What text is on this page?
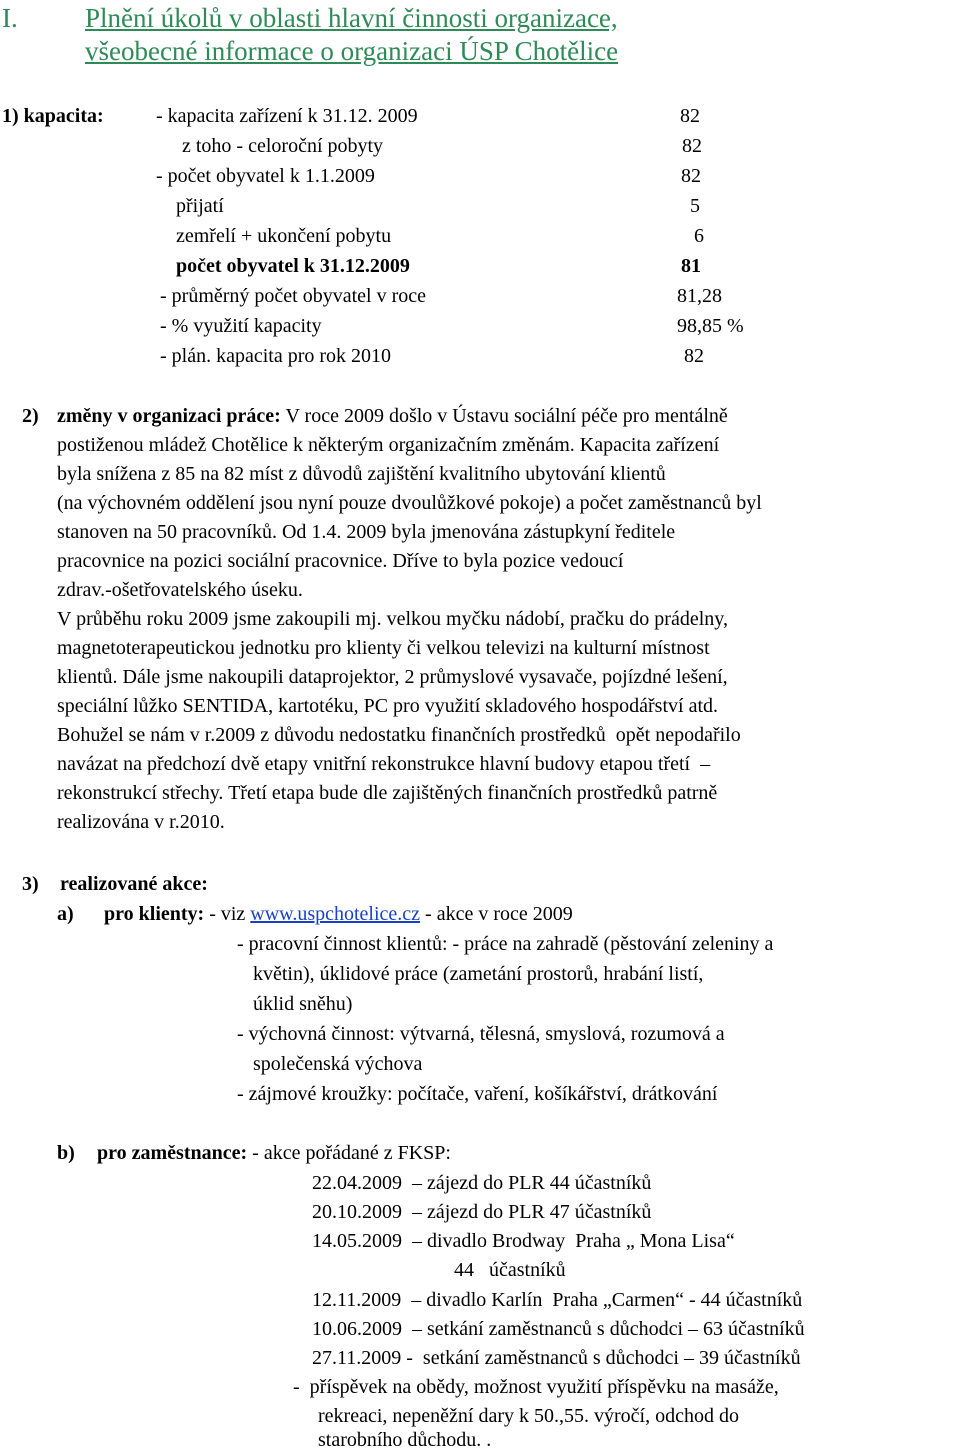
I. Plnění úkolů v oblasti hlavní činnosti organizace,
všeobecné informace o organizaci ÚSP Chotělice
1) kapacita:	- kapacita zařízení k 31.12. 2009	82
z toho - celoroční pobyty	82
- počet obyvatel k 1.1.2009	82
přijatí	5
zemřelí + ukončení pobytu	6
počet obyvatel k 31.12.2009	81
- průměrný počet obyvatel v roce	81,28
- % využití kapacity	98,85 %
- plán. kapacita pro rok 2010	82
2) změny v organizaci práce: V roce 2009 došlo v Ústavu sociální péče pro mentálně
postiženou mládež Chotělice k některým organizačním změnám. Kapacita zařízení
byla snížena z 85 na 82 míst z důvodů zajištění kvalitního ubytování klientů
(na výchovném oddělení jsou nyní pouze dvoulůžkové pokoje) a počet zaměstnanců byl
stanoven na 50 pracovníků. Od 1.4. 2009 byla jmenována zástupkyní ředitele
pracovnice na pozici sociální pracovnice. Dříve to byla pozice vedoucí
zdrav.-ošetřovatelského úseku.
V průběhu roku 2009 jsme zakoupili mj. velkou myčku nádobí, pračku do prádelny,
magnetoterapeutickou jednotku pro klienty či velkou televizi na kulturní místnost
klientů. Dále jsme nakoupili dataprojektor, 2 průmyslové vysavače, pojízdné lešení,
speciální lůžko SENTIDA, kartotéku, PC pro využití skladového hospodářství atd.
Bohužel se nám v r.2009 z důvodu nedostatku finančních prostředků  opět nepodařilo
navázat na předchozí dvě etapy vnitřní rekonstrukce hlavní budovy etapou třetí  –
rekonstrukcí střechy. Třetí etapa bude dle zajištěných finančních prostředků patrně
realizována v r.2010.
3) realizované akce:
a) pro klienty: - viz www.uspchotelice.cz - akce v roce 2009
- pracovní činnost klientů: - práce na zahradě (pěstování zeleniny a
květin), úklidové práce (zametání prostorů, hrabání listí,
úklid sněhu)
- výchovná činnost: výtvarná, tělesná, smyslová, rozumová a
společenská výchova
- zájmové kroužky: počítače, vaření, košíkářství, drátkování
b) pro zaměstnance: - akce pořádané z FKSP:
22.04.2009  – zájezd do PLR 44 účastníků
20.10.2009  – zájezd do PLR 47 účastníků
14.05.2009  – divadlo Brodway  Praha „ Mona Lisa“
44   účastníků
12.11.2009  – divadlo Karlín  Praha „Carmen“ - 44 účastníků
10.06.2009  – setkání zaměstnanců s důchodci – 63 účastníků
27.11.2009 -  setkání zaměstnanců s důchodci – 39 účastníků
-  příspěvek na obědy, možnost využití příspěvku na masáže,
rekreaci, nepeněžní dary k 50.,55. výročí, odchod do
starobního důchodu. .
